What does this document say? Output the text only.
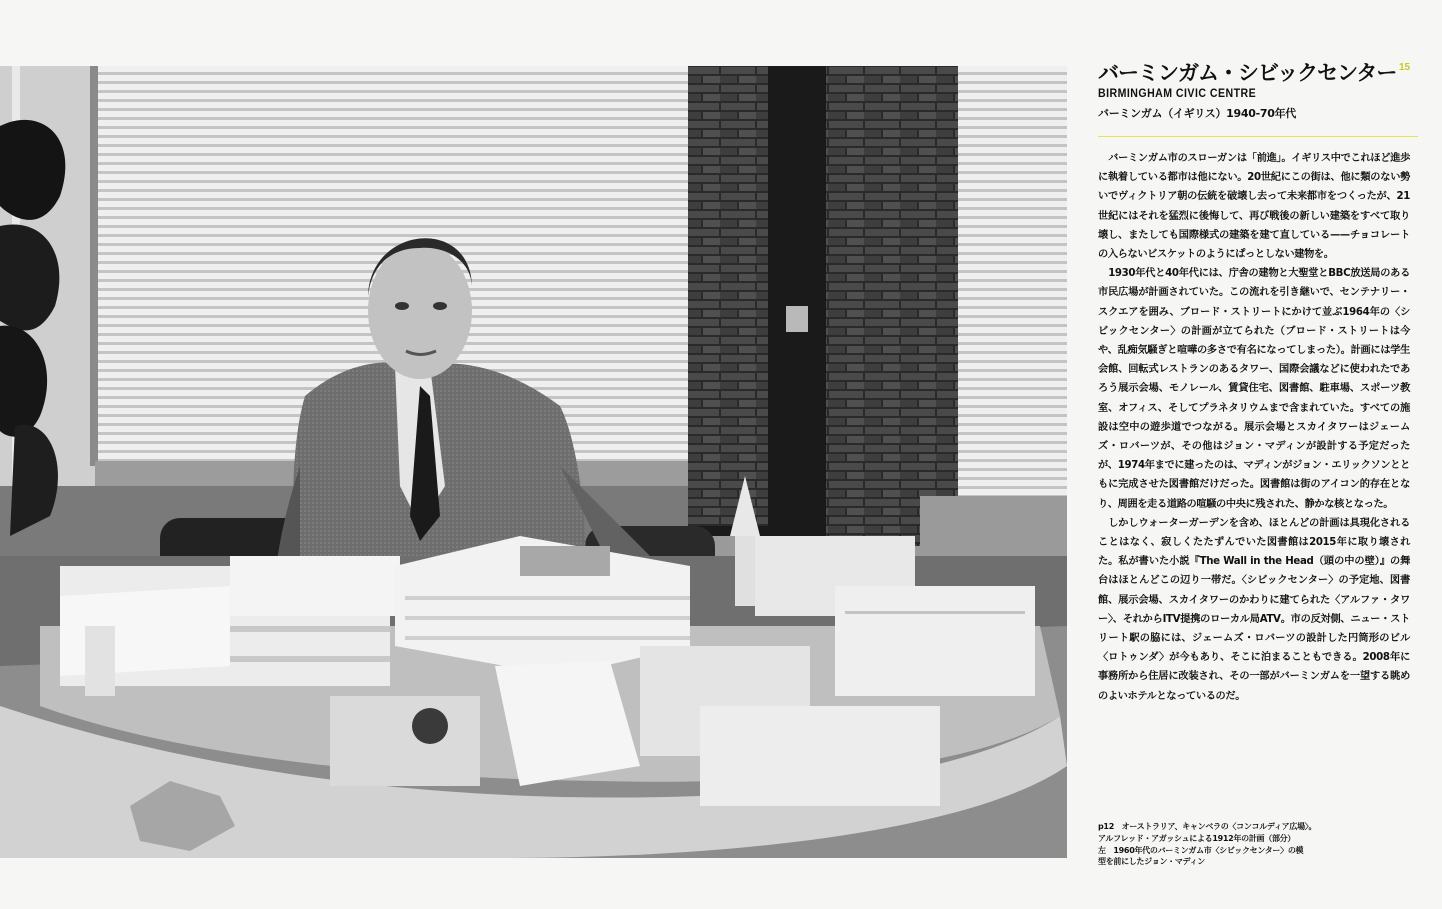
バーミンガム・シビックセンター
BIRMINGHAM CIVIC CENTRE
バーミンガム（イギリス）1940-70年代
15

バーミンガム市のスローガンは「前進」。イギリス中でこれほど進歩に執着している都市は他にない。20世紀にこの街は、他に類のない勢いでヴィクトリア朝の伝統を破壊し去って未来都市をつくったが、21世紀にはそれを猛烈に後悔して、再び戦後の新しい建築をすべて取り壊し、またしても国際様式の建築を建て直している——チョコレートの入らないビスケットのようにぱっとしない建物を。

1930年代と40年代には、庁舎の建物と大聖堂とBBC放送局のある市民広場が計画されていた。この流れを引き継いで、センテナリー・スクエアを囲み、ブロード・ストリートにかけて並ぶ1964年の〈シビックセンター〉の計画が立てられた（ブロード・ストリートは今や、乱痴気騒ぎと喧嘩の多さで有名になってしまった）。計画には学生会館、回転式レストランのあるタワー、国際会議などに使われたであろう展示会場、モノレール、賃貸住宅、図書館、駐車場、スポーツ教室、オフィス、そしてプラネタリウムまで含まれていた。すべての施設は空中の遊歩道でつながる。展示会場とスカイタワーはジェームズ・ロバーツが、その他はジョン・マディンが設計する予定だったが、1974年までに建ったのは、マディンがジョン・エリックソンとともに完成させた図書館だけだった。図書館は街のアイコン的存在となり、周囲を走る道路の喧騒の中央に残された、静かな核となった。

しかしウォーターガーデンを含め、ほとんどの計画は具現化されることはなく、寂しくたたずんでいた図書館は2015年に取り壊された。私が書いた小説『The Wall in the Head（頭の中の壁）』の舞台はほとんどこの辺り一帯だ。〈シビックセンター〉の予定地、図書館、展示会場、スカイタワーのかわりに建てられた〈アルファ・タワー〉、それからITV提携のローカル局ATV。市の反対側、ニュー・ストリート駅の脇には、ジェームズ・ロバーツの設計した円筒形のビル〈ロトゥンダ〉が今もあり、そこに泊まることもできる。2008年に事務所から住居に改装され、その一部がバーミンガムを一望する眺めのよいホテルとなっているのだ。

p12　オーストラリア、キャンベラの〈コンコルディア広場〉。
アルフレッド・アガッシュによる1912年の計画（部分）
左　1960年代のバーミンガム市〈シビックセンター〉の模
型を前にしたジョン・マディン
